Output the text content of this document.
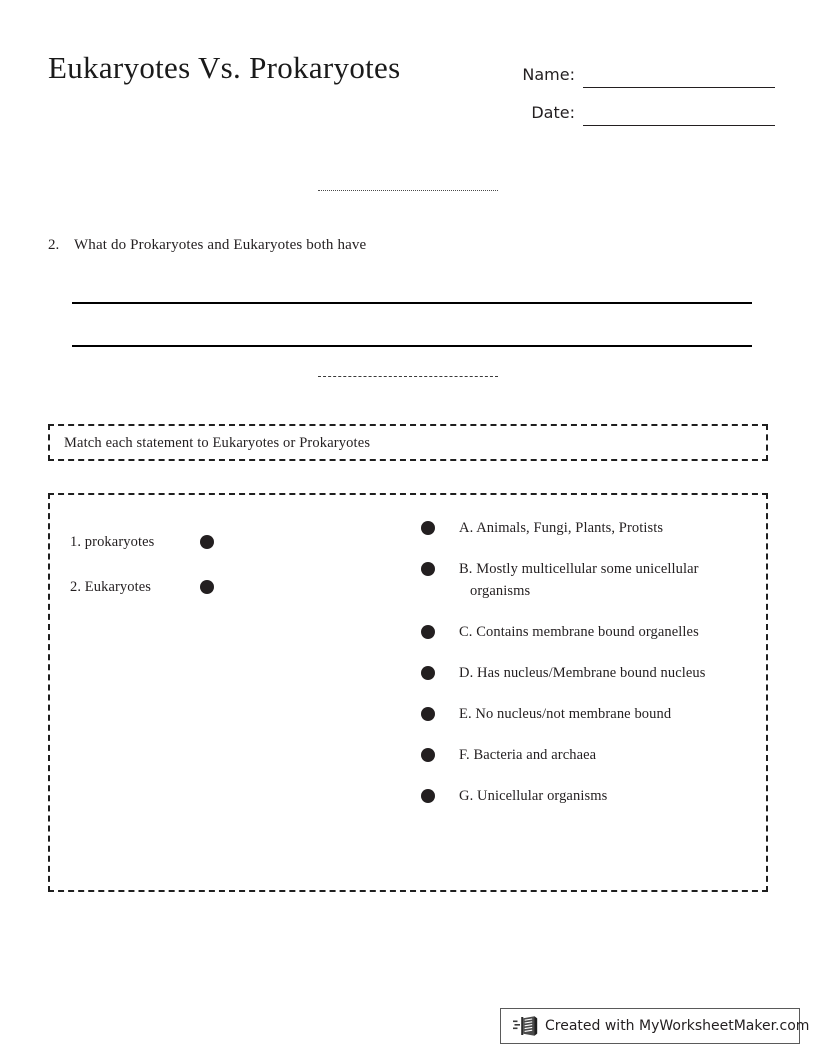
Eukaryotes Vs. Prokaryotes	Name:
Date:
2. What do Prokaryotes and Eukaryotes both have
Match each statement to Eukaryotes or Prokaryotes
1. prokaryotes
2. Eukaryotes
A. Animals, Fungi, Plants, Protists
B. Mostly multicellular some unicellular organisms
C. Contains membrane bound organelles
D. Has nucleus/Membrane bound nucleus
E. No nucleus/not membrane bound
F. Bacteria and archaea
G. Unicellular organisms
Created with MyWorksheetMaker.com
